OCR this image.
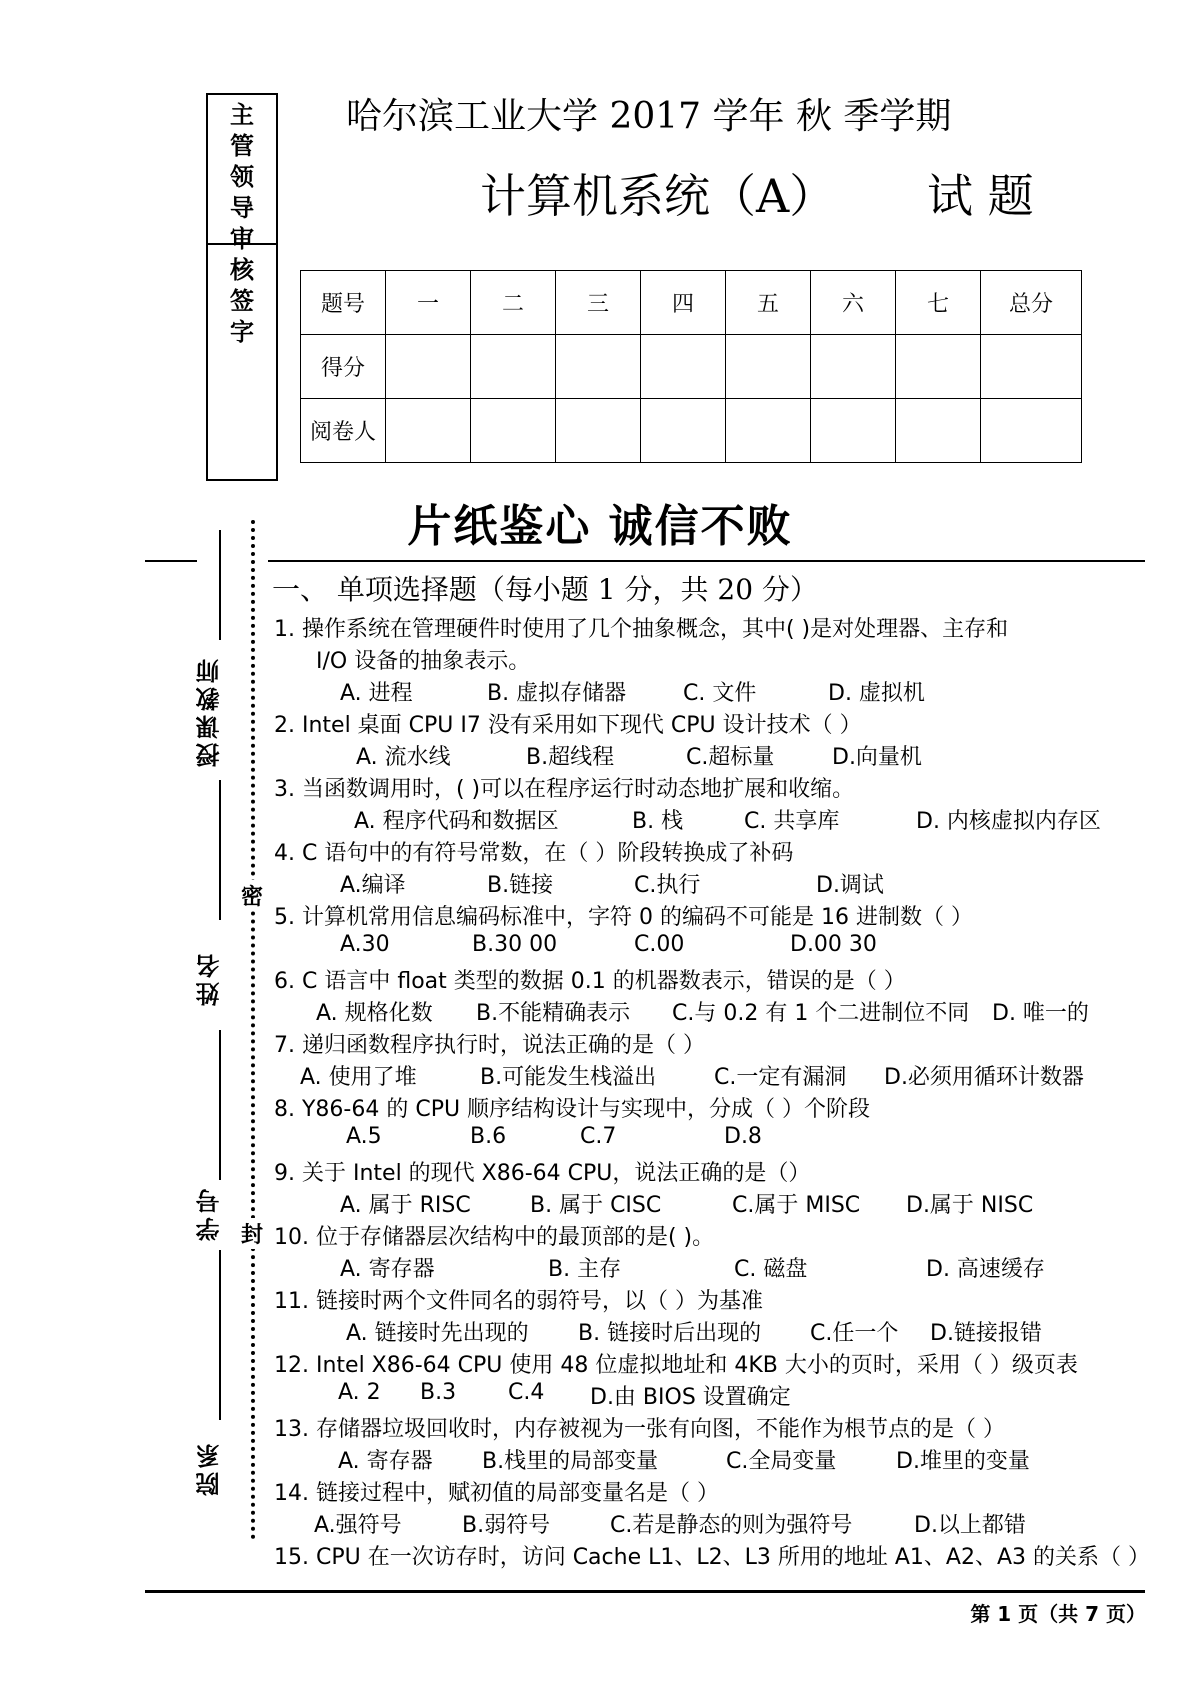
主管领导审核签字
哈尔滨工业大学 2017 学年 秋 季学期
计算机系统（A） 试 题
题号	一	二	三	四	五	六	七	总分
得分								
阅卷人								
片纸鉴心 诚信不败
授课教师
姓名
学号
院系
密
封
一、 单项选择题（每小题 1 分，共 20 分）
1. 操作系统在管理硬件时使用了几个抽象概念，其中( )是对处理器、主存和
I/O 设备的抽象表示。
A. 进程	B. 虚拟存储器	C. 文件	D. 虚拟机
2. Intel 桌面 CPU I7 没有采用如下现代 CPU 设计技术（ ）
A. 流水线	B.超线程	C.超标量	D.向量机
3. 当函数调用时，( )可以在程序运行时动态地扩展和收缩。
A. 程序代码和数据区	B. 栈	C. 共享库	D. 内核虚拟内存区
4. C 语句中的有符号常数，在（ ）阶段转换成了补码
A.编译	B.链接	C.执行	D.调试
5. 计算机常用信息编码标准中，字符 0 的编码不可能是 16 进制数（ ）
A.30	B.30 00	C.00	D.00 30
6. C 语言中 float 类型的数据 0.1 的机器数表示，错误的是（ ）
A. 规格化数 B.不能精确表示 C.与 0.2 有 1 个二进制位不同 D. 唯一的
7. 递归函数程序执行时，说法正确的是（ ）
A. 使用了堆	B.可能发生栈溢出	C.一定有漏洞 D.必须用循环计数器
8. Y86-64 的 CPU 顺序结构设计与实现中，分成（ ）个阶段
A.5	B.6	C.7	D.8
9. 关于 Intel 的现代 X86-64 CPU，说法正确的是（）
A. 属于 RISC	B. 属于 CISC	C.属于 MISC D.属于 NISC
10. 位于存储器层次结构中的最顶部的是( )。
A. 寄存器	B. 主存	C. 磁盘	D. 高速缓存
11. 链接时两个文件同名的弱符号，以（ ）为基准
A. 链接时先出现的 B. 链接时后出现的 C.任一个 D.链接报错
12. Intel X86-64 CPU 使用 48 位虚拟地址和 4KB 大小的页时，采用（ ）级页表
A. 2 B.3 C.4 D.由 BIOS 设置确定
13. 存储器垃圾回收时，内存被视为一张有向图，不能作为根节点的是（ ）
A. 寄存器 B.栈里的局部变量	C.全局变量	D.堆里的变量
14. 链接过程中，赋初值的局部变量名是（ ）
A.强符号	B.弱符号	C.若是静态的则为强符号	D.以上都错
15. CPU 在一次访存时，访问 Cache L1、L2、L3 所用的地址 A1、A2、A3 的关系（ ）
第 1 页（共 7 页）
